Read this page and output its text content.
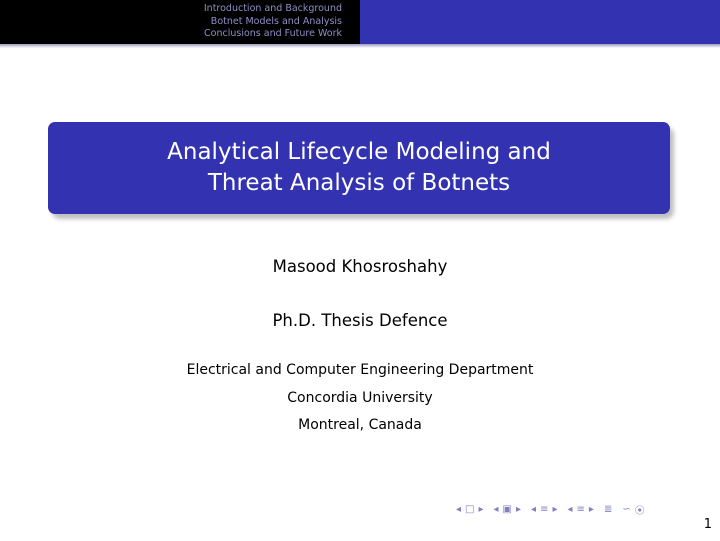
Introduction and Background
Botnet Models and Analysis
Conclusions and Future Work
Analytical Lifecycle Modeling and
Threat Analysis of Botnets
Masood Khosroshahy
Ph.D. Thesis Defence
Electrical and Computer Engineering Department
Concordia University
Montreal, Canada
◂ □ ▸ ◂ ▣ ▸ ◂ ≡ ▸ ◂ ≡ ▸ ≣ ∽ ⦿
1
